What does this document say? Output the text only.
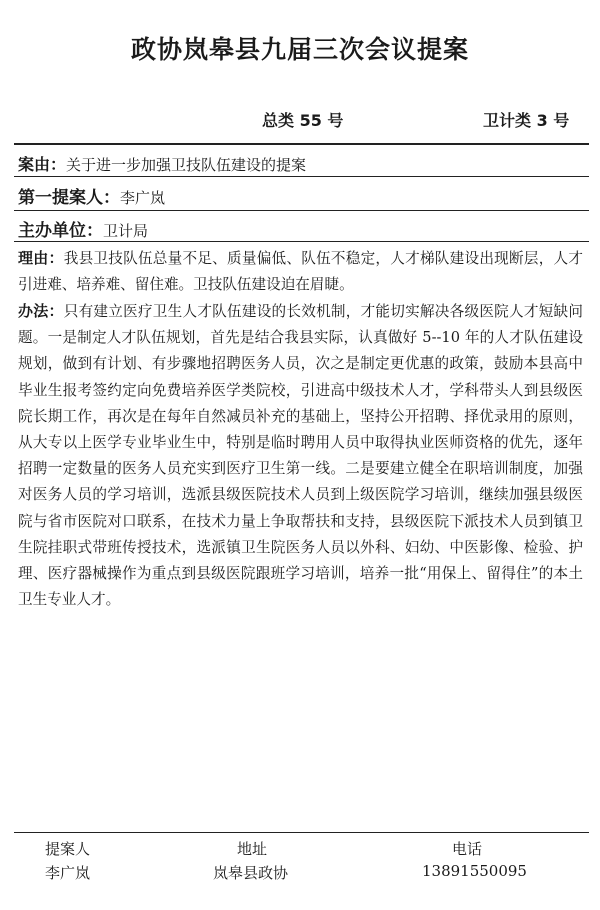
政协岚皋县九届三次会议提案
总类 55 号	卫计类 3 号
案由：关于进一步加强卫技队伍建设的提案
第一提案人：李广岚
主办单位：卫计局
理由：我县卫技队伍总量不足、质量偏低、队伍不稳定，人才梯队建设出现断层，人才引进难、培养难、留住难。卫技队伍建设迫在眉睫。
办法：只有建立医疗卫生人才队伍建设的长效机制，才能切实解决各级医院人才短缺问题。一是制定人才队伍规划，首先是结合我县实际，认真做好 5--10 年的人才队伍建设规划，做到有计划、有步骤地招聘医务人员，次之是制定更优惠的政策，鼓励本县高中毕业生报考签约定向免费培养医学类院校，引进高中级技术人才，学科带头人到县级医院长期工作，再次是在每年自然减员补充的基础上，坚持公开招聘、择优录用的原则，从大专以上医学专业毕业生中，特别是临时聘用人员中取得执业医师资格的优先，逐年招聘一定数量的医务人员充实到医疗卫生第一线。二是要建立健全在职培训制度，加强对医务人员的学习培训，选派县级医院技术人员到上级医院学习培训，继续加强县级医院与省市医院对口联系，在技术力量上争取帮扶和支持，县级医院下派技术人员到镇卫生院挂职式带班传授技术，选派镇卫生院医务人员以外科、妇幼、中医影像、检验、护理、医疗器械操作为重点到县级医院跟班学习培训，培养一批“用保上、留得住”的本土卫生专业人才。
提案人	地址	电话
李广岚	岚皋县政协	13891550095
